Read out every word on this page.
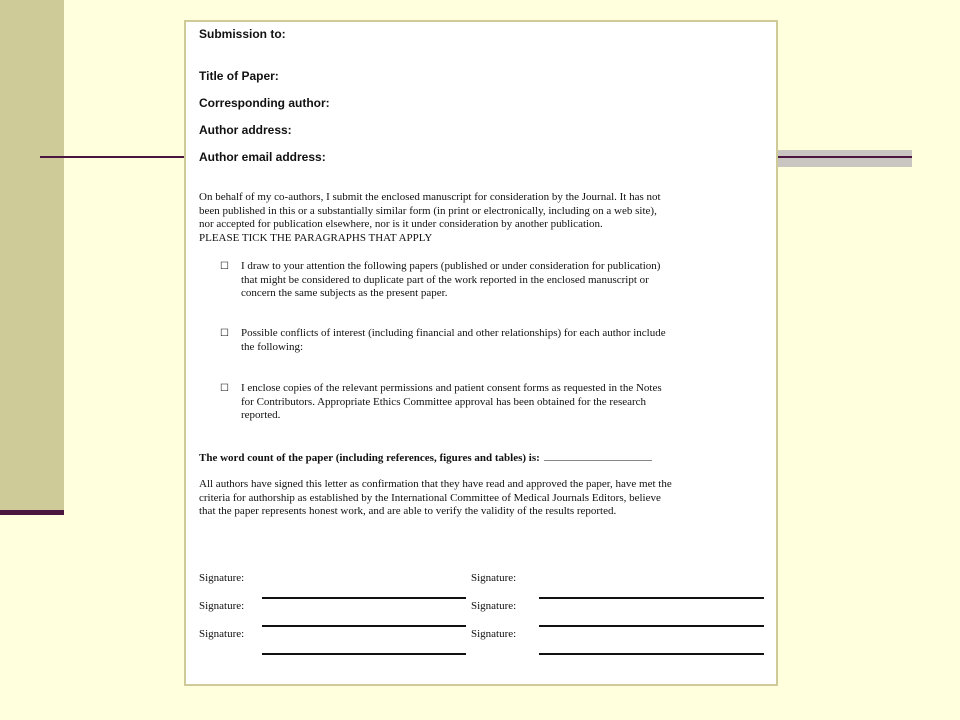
Submission to:
Title of Paper:
Corresponding author:
Author address:
Author email address:
On behalf of my co-authors, I submit the enclosed manuscript for consideration by the Journal. It has not
been published in this or a substantially similar form (in print or electronically, including on a web site),
nor accepted for publication elsewhere, nor is it under consideration by another publication.
PLEASE TICK THE PARAGRAPHS THAT APPLY
☐ I draw to your attention the following papers (published or under consideration for publication)
that might be considered to duplicate part of the work reported in the enclosed manuscript or
concern the same subjects as the present paper.
☐ Possible conflicts of interest (including financial and other relationships) for each author include
the following:
☐ I enclose copies of the relevant permissions and patient consent forms as requested in the Notes
for Contributors. Appropriate Ethics Committee approval has been obtained for the research
reported.
The word count of the paper (including references, figures and tables) is:
All authors have signed this letter as confirmation that they have read and approved the paper, have met the
criteria for authorship as established by the International Committee of Medical Journals Editors, believe
that the paper represents honest work, and are able to verify the validity of the results reported.
Signature:
Signature:
Signature:
Signature:
Signature:
Signature:
